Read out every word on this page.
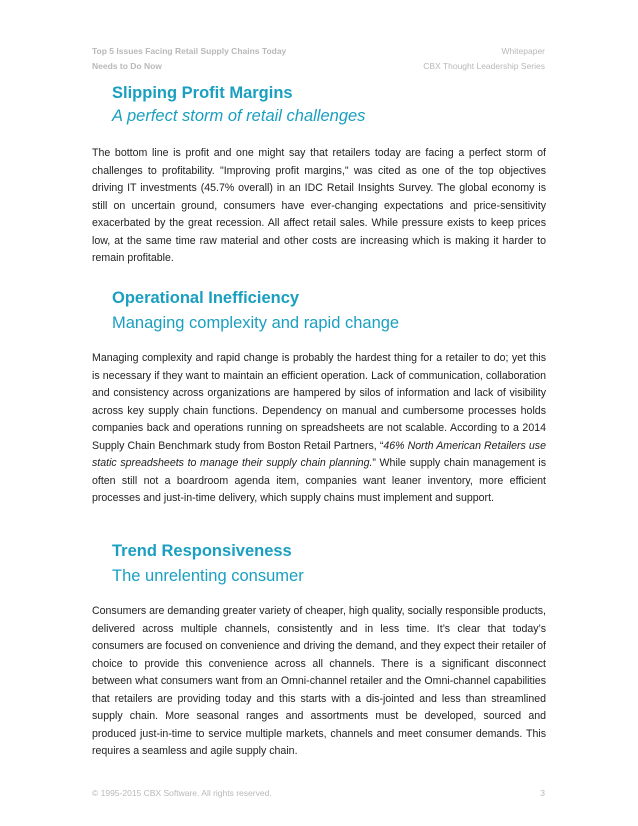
Top 5 Issues Facing Retail Supply Chains Today
Needs to Do Now
Whitepaper
CBX Thought Leadership Series
Slipping Profit Margins
A perfect storm of retail challenges
The bottom line is profit and one might say that retailers today are facing a perfect storm of challenges to profitability. "Improving profit margins," was cited as one of the top objectives driving IT investments (45.7% overall) in an IDC Retail Insights Survey. The global economy is still on uncertain ground, consumers have ever-changing expectations and price-sensitivity exacerbated by the great recession. All affect retail sales. While pressure exists to keep prices low, at the same time raw material and other costs are increasing which is making it harder to remain profitable.
Operational Inefficiency
Managing complexity and rapid change
Managing complexity and rapid change is probably the hardest thing for a retailer to do; yet this is necessary if they want to maintain an efficient operation. Lack of communication, collaboration and consistency across organizations are hampered by silos of information and lack of visibility across key supply chain functions. Dependency on manual and cumbersome processes holds companies back and operations running on spreadsheets are not scalable. According to a 2014 Supply Chain Benchmark study from Boston Retail Partners, “46% North American Retailers use static spreadsheets to manage their supply chain planning.” While supply chain management is often still not a boardroom agenda item, companies want leaner inventory, more efficient processes and just-in-time delivery, which supply chains must implement and support.
Trend Responsiveness
The unrelenting consumer
Consumers are demanding greater variety of cheaper, high quality, socially responsible products, delivered across multiple channels, consistently and in less time. It’s clear that today’s consumers are focused on convenience and driving the demand, and they expect their retailer of choice to provide this convenience across all channels. There is a significant disconnect between what consumers want from an Omni-channel retailer and the Omni-channel capabilities that retailers are providing today and this starts with a dis-jointed and less than streamlined supply chain. More seasonal ranges and assortments must be developed, sourced and produced just-in-time to service multiple markets, channels and meet consumer demands. This requires a seamless and agile supply chain.
© 1995-2015 CBX Software. All rights reserved.	3
